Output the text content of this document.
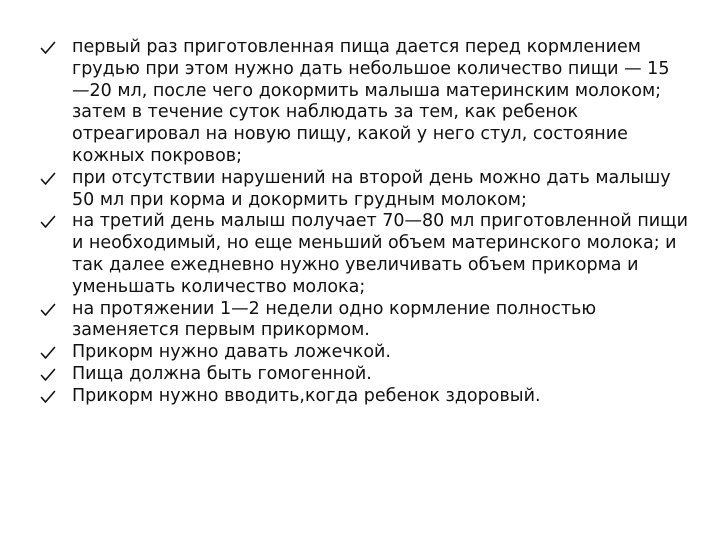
первый раз приготовленная пища дается перед кормлением грудью при этом нужно дать небольшое количество пищи — 15 —20 мл, после чего докормить малыша материнским молоком; затем в течение суток наблюдать за тем, как ребенок отреагировал на новую пищу, какой у него стул, состояние кожных покровов;
при отсутствии нарушений на второй день можно дать малышу 50 мл при корма и докормить грудным молоком;
на третий день малыш получает 70—80 мл приготовленной пищи и необходимый, но еще меньший объем материнского молока; и так далее ежедневно нужно увеличивать объем прикорма и уменьшать количество молока;
на протяжении 1—2 недели одно кормление полностью заменяется первым прикормом.
Прикорм нужно давать ложечкой.
Пища должна быть гомогенной.
Прикорм нужно вводить,когда ребенок здоровый.
